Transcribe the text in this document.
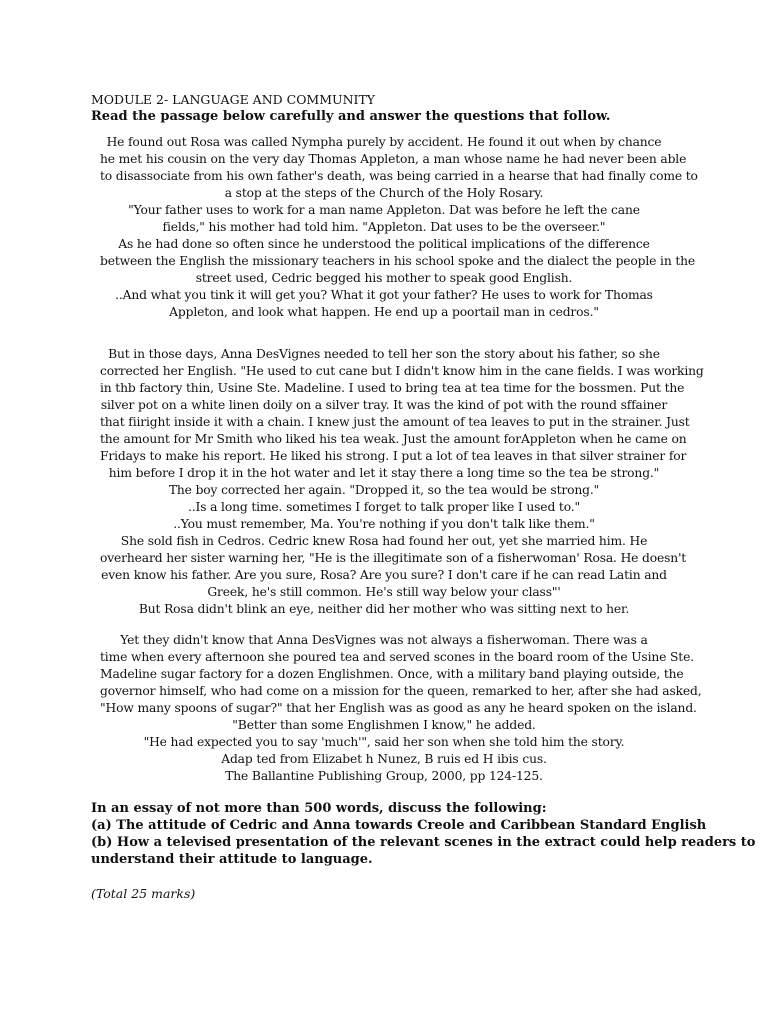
MODULE 2- LANGUAGE AND COMMUNITY
Read the passage below carefully and answer the questions that follow.
He found out Rosa was called Nympha purely by accident. He found it out when by chance
he met his cousin on the very day Thomas Appleton, a man whose name he had never been able
to disassociate from his own father's death, was being carried in a hearse that had finally come to
a stop at the steps of the Church of the Holy Rosary.
"Your father uses to work for a man name Appleton. Dat was before he left the cane
fields," his mother had told him. "Appleton. Dat uses to be the overseer."
As he had done so often since he understood the political implications of the difference
between the English the missionary teachers in his school spoke and the dialect the people in the
street used, Cedric begged his mother to speak good English.
..And what you tink it will get you? What it got your father? He uses to work for Thomas
Appleton, and look what happen. He end up a poortail man in cedros."
But in those days, Anna DesVignes needed to tell her son the story about his father, so she
corrected her English. "He used to cut cane but I didn't know him in the cane fields. I was working
in thb factory thin, Usine Ste. Madeline. I used to bring tea at tea time for the bossmen. Put the
silver pot on a white linen doily on a silver tray. It was the kind of pot with the round sffainer
that fiiright inside it with a chain. I knew just the amount of tea leaves to put in the strainer. Just
the amount for Mr Smith who liked his tea weak. Just the amount forAppleton when he came on
Fridays to make his report. He liked his strong. I put a lot of tea leaves in that silver strainer for
him before I drop it in the hot water and let it stay there a long time so the tea be strong."
The boy corrected her again. "Dropped it, so the tea would be strong."
..Is a long time. sometimes I forget to talk proper like I used to."
..You must remember, Ma. You're nothing if you don't talk like them."
She sold fish in Cedros. Cedric knew Rosa had found her out, yet she married him. He
overheard her sister warning her, "He is the illegitimate son of a fisherwoman' Rosa. He doesn't
even know his father. Are you sure, Rosa? Are you sure? I don't care if he can read Latin and
Greek, he's still common. He's still way below your class"'
But Rosa didn't blink an eye, neither did her mother who was sitting next to her.
Yet they didn't know that Anna DesVignes was not always a fisherwoman. There was a
time when every afternoon she poured tea and served scones in the board room of the Usine Ste.
Madeline sugar factory for a dozen Englishmen. Once, with a military band playing outside, the
governor himself, who had come on a mission for the queen, remarked to her, after she had asked,
"How many spoons of sugar?" that her English was as good as any he heard spoken on the island.
"Better than some Englishmen I know," he added.
"He had expected you to say 'much'", said her son when she told him the story.
Adap ted from Elizabet h Nunez, B ruis ed H ibis cus.
The Ballantine Publishing Group, 2000, pp 124-125.
In an essay of not more than 500 words, discuss the following:
(a) The attitude of Cedric and Anna towards Creole and Caribbean Standard English
(b) How a televised presentation of the relevant scenes in the extract could help readers to
understand their attitude to language.
(Total 25 marks)
